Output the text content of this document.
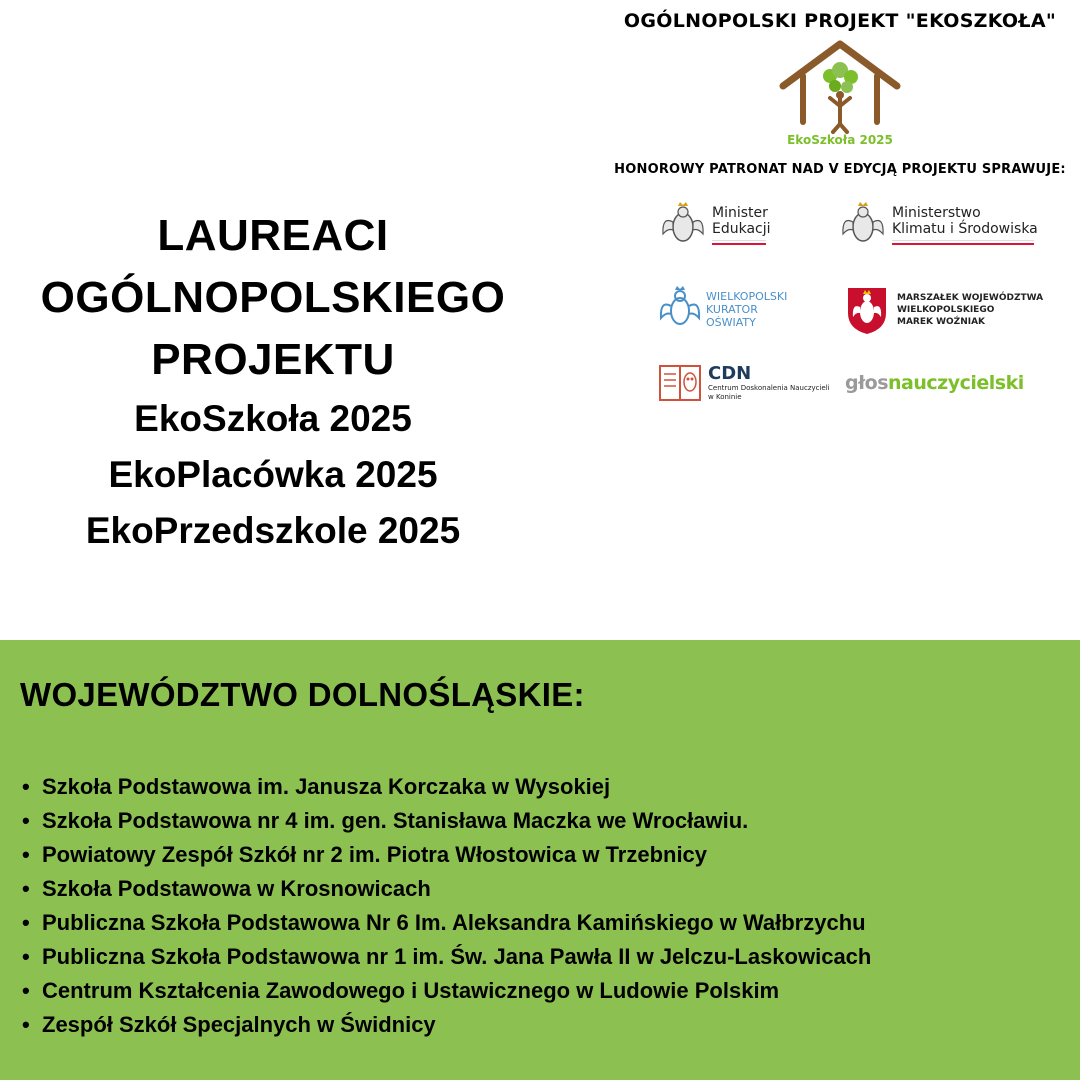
LAUREACI
OGÓLNOPOLSKIEGO
PROJEKTU
EkoSzkoła 2025
EkoPlacówka 2025
EkoPrzedszkole 2025
OGÓLNOPOLSKI PROJEKT "EKOSZKOŁA"
EkoSzkoła 2025
HONOROWY PATRONAT NAD V EDYCJĄ PROJEKTU SPRAWUJE:
Minister
Edukacji
Ministerstwo
Klimatu i Środowiska
WIELKOPOLSKI
KURATOR
OŚWIATY
MARSZAŁEK WOJEWÓDZTWA
WIELKOPOLSKIEGO
MAREK WOŹNIAK
CDN
Centrum Doskonalenia Nauczycieli
w Koninie
głos nauczycielski
WOJEWÓDZTWO DOLNOŚLĄSKIE:
• Szkoła Podstawowa im. Janusza Korczaka w Wysokiej
• Szkoła Podstawowa nr 4 im. gen. Stanisława Maczka we Wrocławiu.
• Powiatowy Zespół Szkół nr 2 im. Piotra Włostowica w Trzebnicy
• Szkoła Podstawowa w Krosnowicach
• Publiczna Szkoła Podstawowa Nr 6 Im. Aleksandra Kamińskiego w Wałbrzychu
• Publiczna Szkoła Podstawowa nr 1 im. Św. Jana Pawła II w Jelczu-Laskowicach
• Centrum Kształcenia Zawodowego i Ustawicznego w Ludowie Polskim
• Zespół Szkół Specjalnych w Świdnicy
